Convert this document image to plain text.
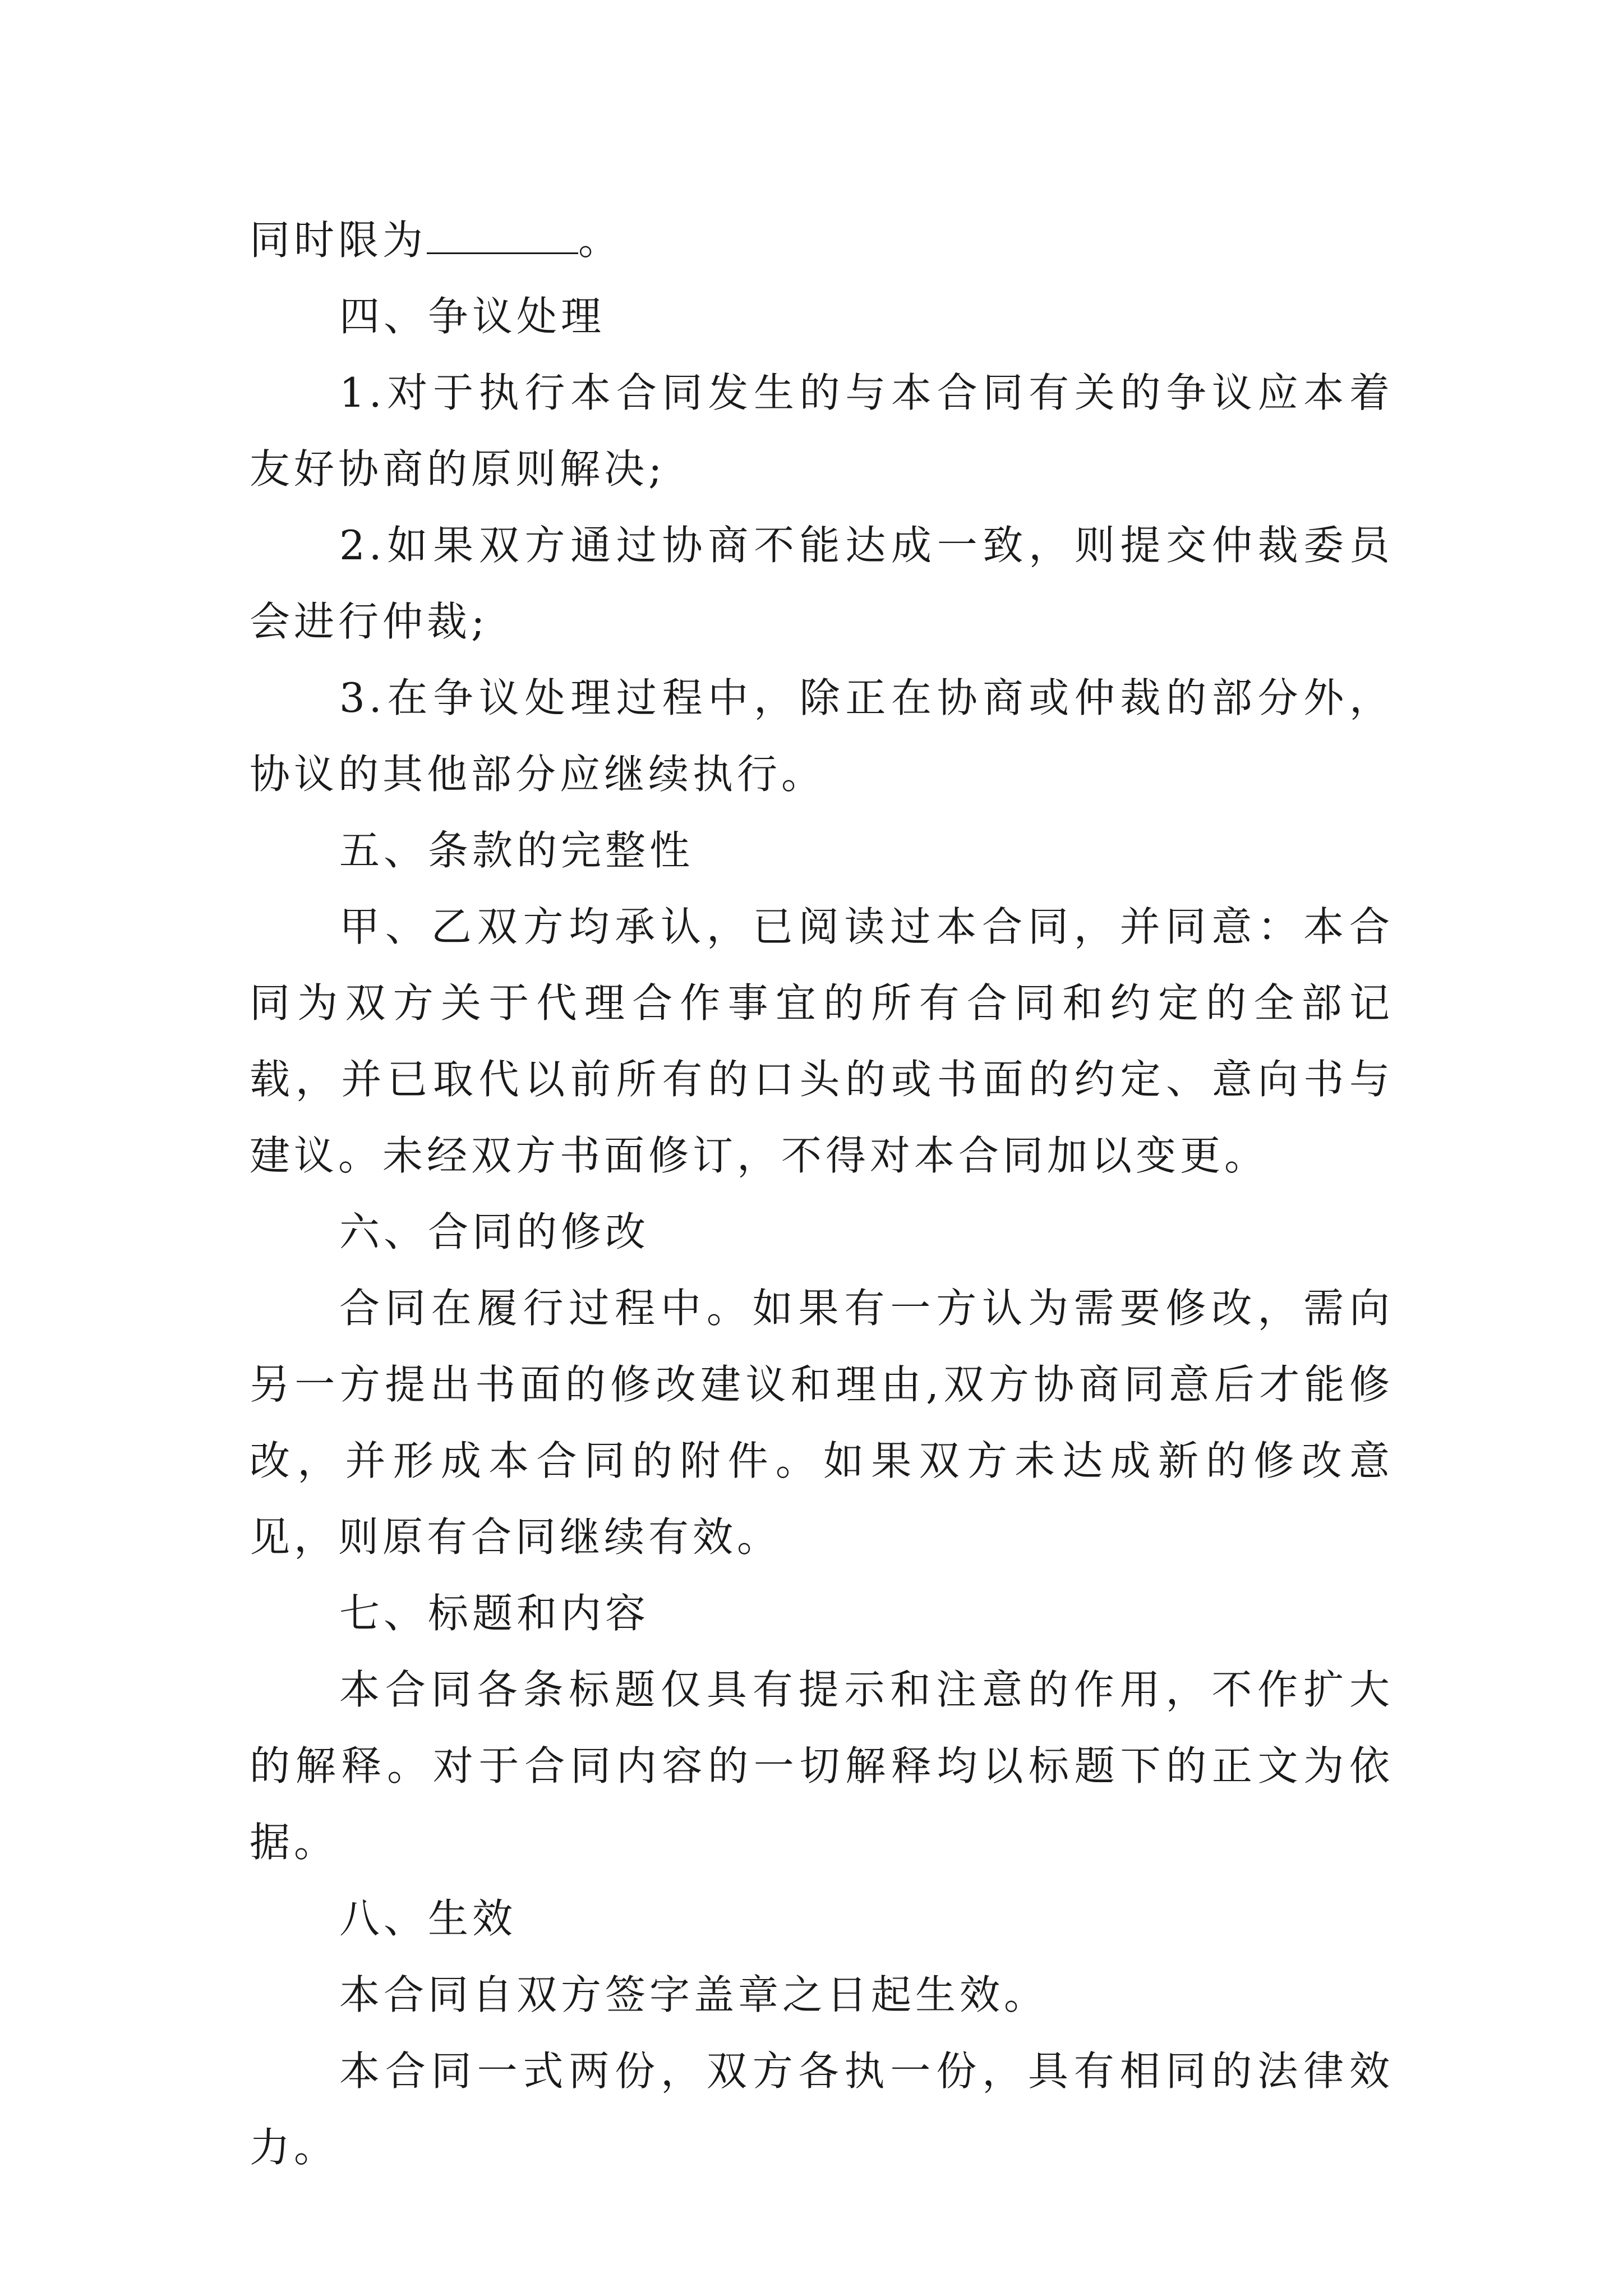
同时限为	。

四、争议处理

1.对于执行本合同发生的与本合同有关的争议应本着友好协商的原则解决;

2.如果双方通过协商不能达成一致，则提交仲裁委员会进行仲裁;

3.在争议处理过程中，除正在协商或仲裁的部分外，协议的其他部分应继续执行。

五、条款的完整性

甲、乙双方均承认，已阅读过本合同，并同意：本合同为双方关于代理合作事宜的所有合同和约定的全部记载，并已取代以前所有的口头的或书面的约定、意向书与建议。未经双方书面修订，不得对本合同加以变更。

六、合同的修改

合同在履行过程中。如果有一方认为需要修改，需向另一方提出书面的修改建议和理由,双方协商同意后才能修改，并形成本合同的附件。如果双方未达成新的修改意见，则原有合同继续有效。

七、标题和内容

本合同各条标题仅具有提示和注意的作用，不作扩大的解释。对于合同内容的一切解释均以标题下的正文为依据。

八、生效

本合同自双方签字盖章之日起生效。

本合同一式两份，双方各执一份，具有相同的法律效力。
